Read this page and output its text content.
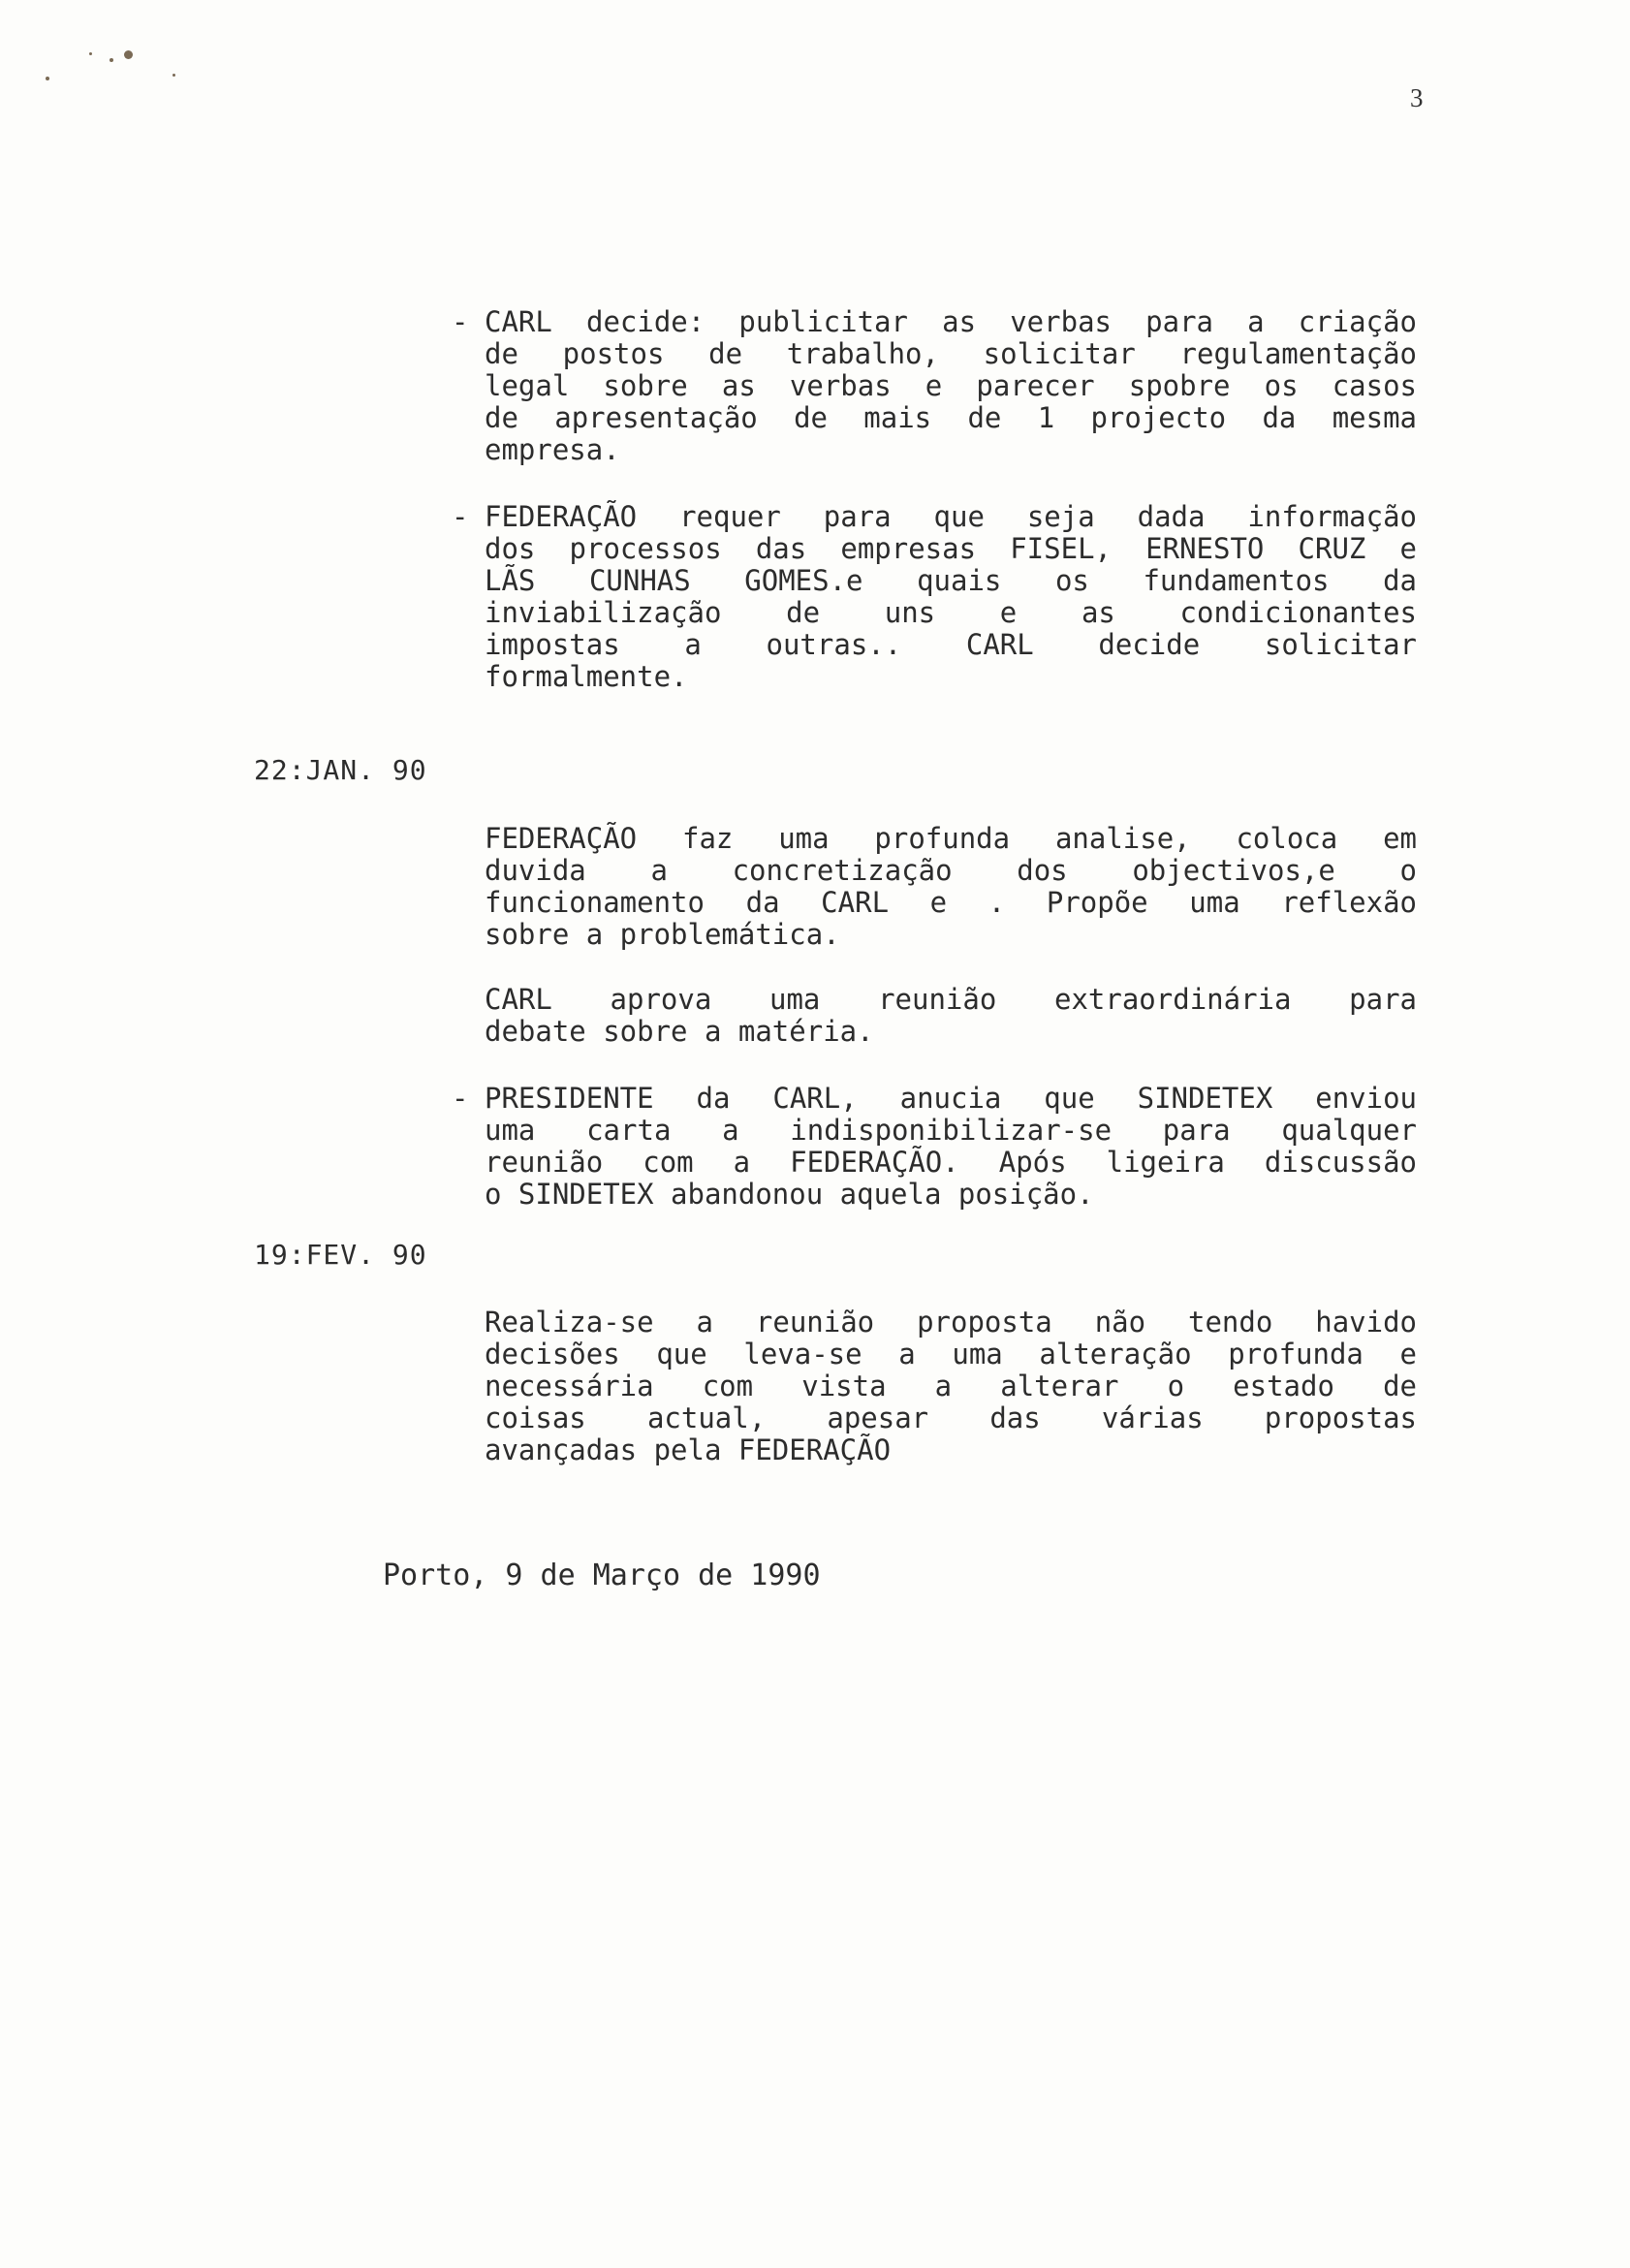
3
- CARL decide: publicitar as verbas para a criação
de postos de trabalho, solicitar regulamentação
legal sobre as verbas e parecer spobre os casos
de apresentação de mais de 1 projecto da mesma
empresa.
- FEDERAÇÃO requer para que seja dada informação
dos processos das empresas FISEL, ERNESTO CRUZ e
LÃS CUNHAS GOMES.e quais os fundamentos da
inviabilização de uns e as condicionantes
impostas a outras.. CARL decide solicitar
formalmente.
22:JAN. 90
FEDERAÇÃO faz uma profunda analise, coloca em
duvida a concretização dos objectivos,e o
funcionamento da CARL e . Propõe uma reflexão
sobre a problemática.
CARL aprova uma reunião extraordinária para
debate sobre a matéria.
- PRESIDENTE da CARL, anucia que SINDETEX enviou
uma carta a indisponibilizar-se para qualquer
reunião com a FEDERAÇÃO. Após ligeira discussão
o SINDETEX abandonou aquela posição.
19:FEV. 90
Realiza-se a reunião proposta não tendo havido
decisões que leva-se a uma alteração profunda e
necessária com vista a alterar o estado de
coisas actual, apesar das várias propostas
avançadas pela FEDERAÇÃO
Porto, 9 de Março de 1990
